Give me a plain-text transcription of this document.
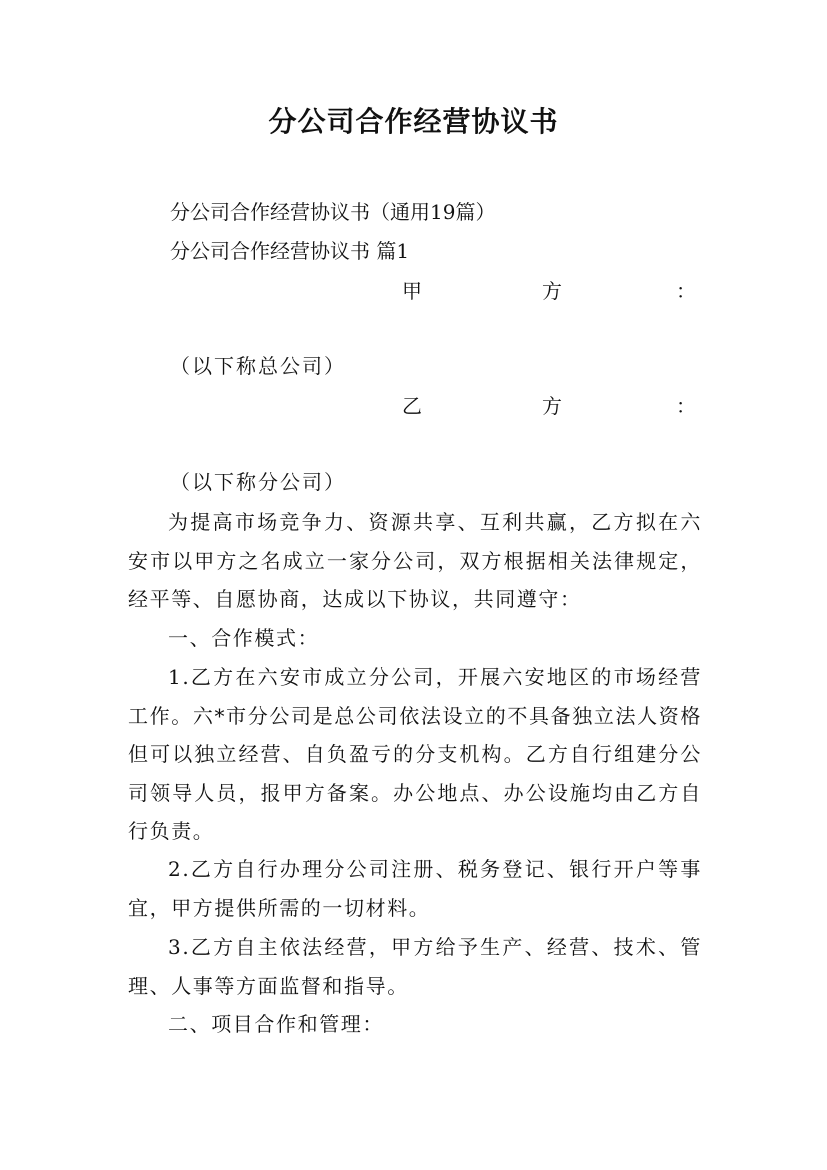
分公司合作经营协议书
分公司合作经营协议书（通用19篇）
分公司合作经营协议书 篇1
甲	方	：
（以下称总公司）
乙	方	：
（以下称分公司）
为提高市场竞争力、资源共享、互利共赢，乙方拟在六安市以甲方之名成立一家分公司，双方根据相关法律规定，经平等、自愿协商，达成以下协议，共同遵守：
一、合作模式：
1.乙方在六安市成立分公司，开展六安地区的市场经营工作。六*市分公司是总公司依法设立的不具备独立法人资格但可以独立经营、自负盈亏的分支机构。乙方自行组建分公司领导人员，报甲方备案。办公地点、办公设施均由乙方自行负责。
2.乙方自行办理分公司注册、税务登记、银行开户等事宜，甲方提供所需的一切材料。
3.乙方自主依法经营，甲方给予生产、经营、技术、管理、人事等方面监督和指导。
二、项目合作和管理：
